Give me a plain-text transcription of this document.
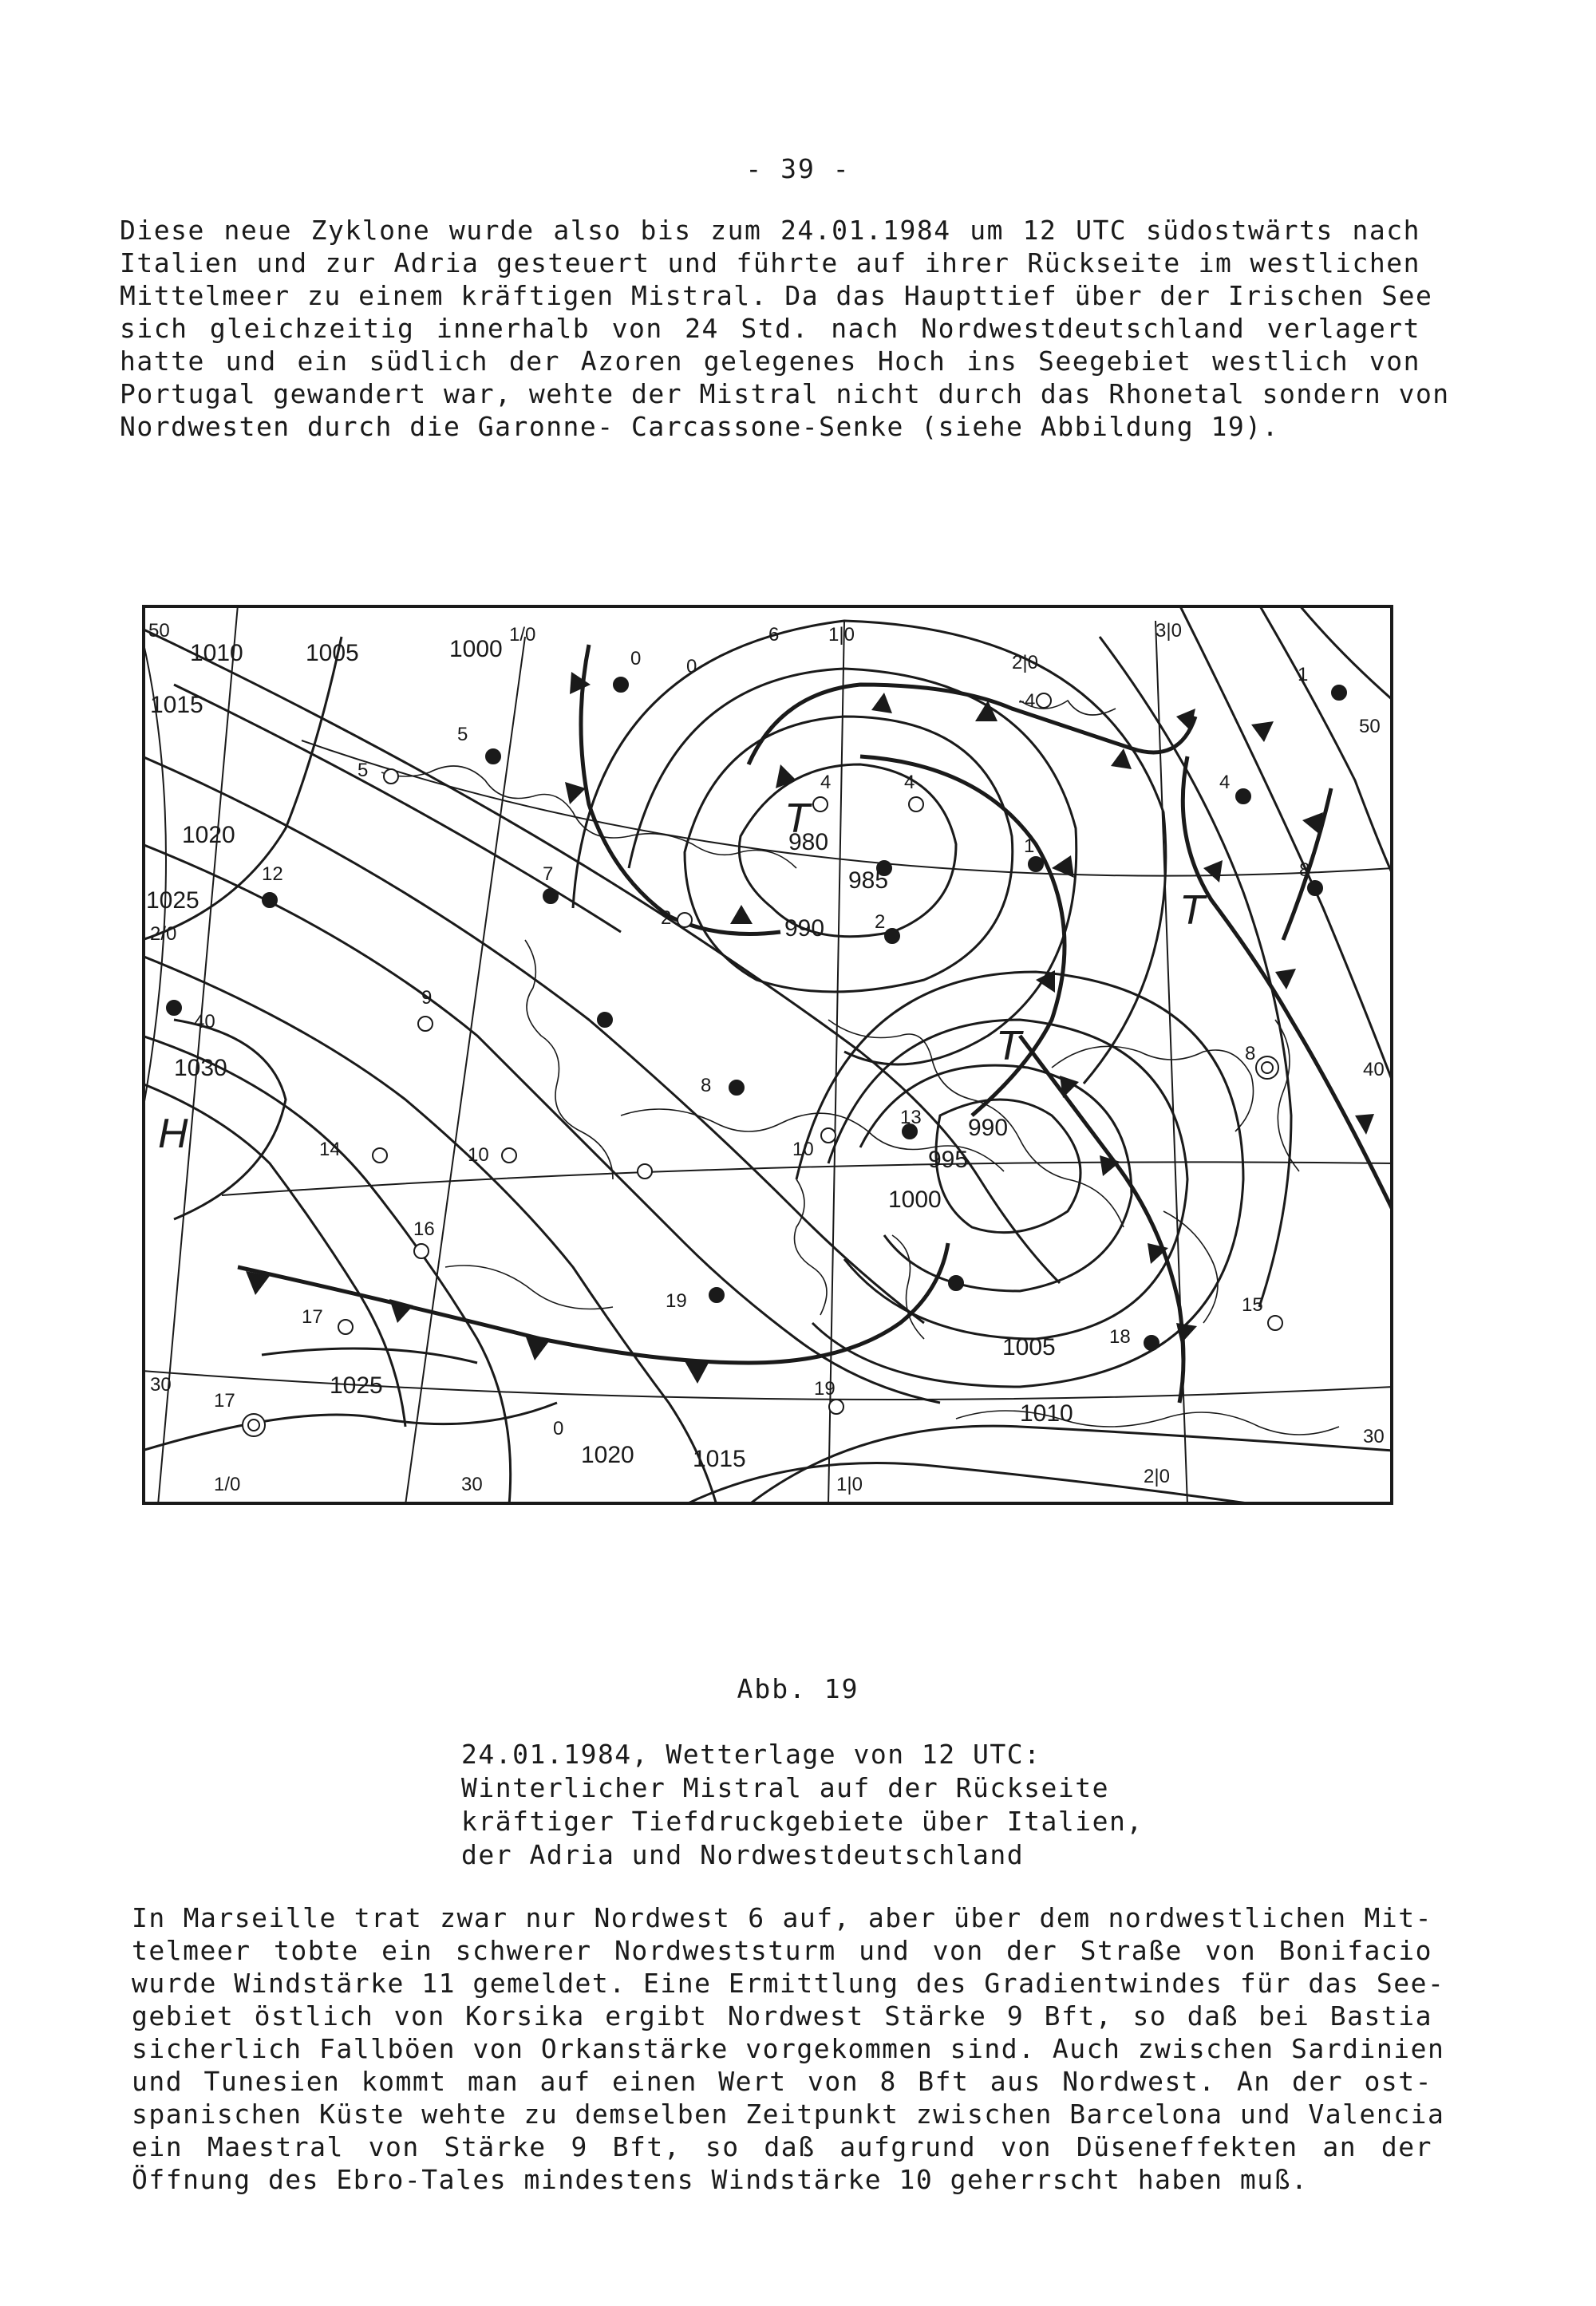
- 39 -
Diese neue Zyklone wurde also bis zum 24.01.1984 um 12 UTC südostwärts nach
Italien und zur Adria gesteuert und führte auf ihrer Rückseite im westlichen
Mittelmeer zu einem kräftigen Mistral. Da das Haupttief über der Irischen See
sich gleichzeitig innerhalb von 24 Std. nach Nordwestdeutschland verlagert
hatte und ein südlich der Azoren gelegenes Hoch ins Seegebiet westlich von
Portugal gewandert war, wehte der Mistral nicht durch das Rhonetal sondern von
Nordwesten durch die Garonne- Carcassone-Senke (siehe Abbildung 19).
1010	1005	1000
1015
1020
1025
1030
980
985
990
990
995
1000
1005
1010
1025
1020 1015
H
T
T
T
50	1/0	6	1|0
2|0
3|0
50
2/0
40
40
30
30
0
1|0	2|0
0
1/0
30
0
5
5
12	7
2
4	4
-4
1
1
4
8
8
9
14	10
8
10
13
16
17
19
19
17
18
15
2
Abb. 19
24.01.1984, Wetterlage von 12 UTC:
Winterlicher Mistral auf der Rückseite
kräftiger Tiefdruckgebiete über Italien,
der Adria und Nordwestdeutschland
In Marseille trat zwar nur Nordwest 6 auf, aber über dem nordwestlichen Mit-
telmeer tobte ein schwerer Nordweststurm und von der Straße von Bonifacio
wurde Windstärke 11 gemeldet. Eine Ermittlung des Gradientwindes für das See-
gebiet östlich von Korsika ergibt Nordwest Stärke 9 Bft, so daß bei Bastia
sicherlich Fallböen von Orkanstärke vorgekommen sind. Auch zwischen Sardinien
und Tunesien kommt man auf einen Wert von 8 Bft aus Nordwest. An der ost-
spanischen Küste wehte zu demselben Zeitpunkt zwischen Barcelona und Valencia
ein Maestral von Stärke 9 Bft, so daß aufgrund von Düseneffekten an der
Öffnung des Ebro-Tales mindestens Windstärke 10 geherrscht haben muß.
